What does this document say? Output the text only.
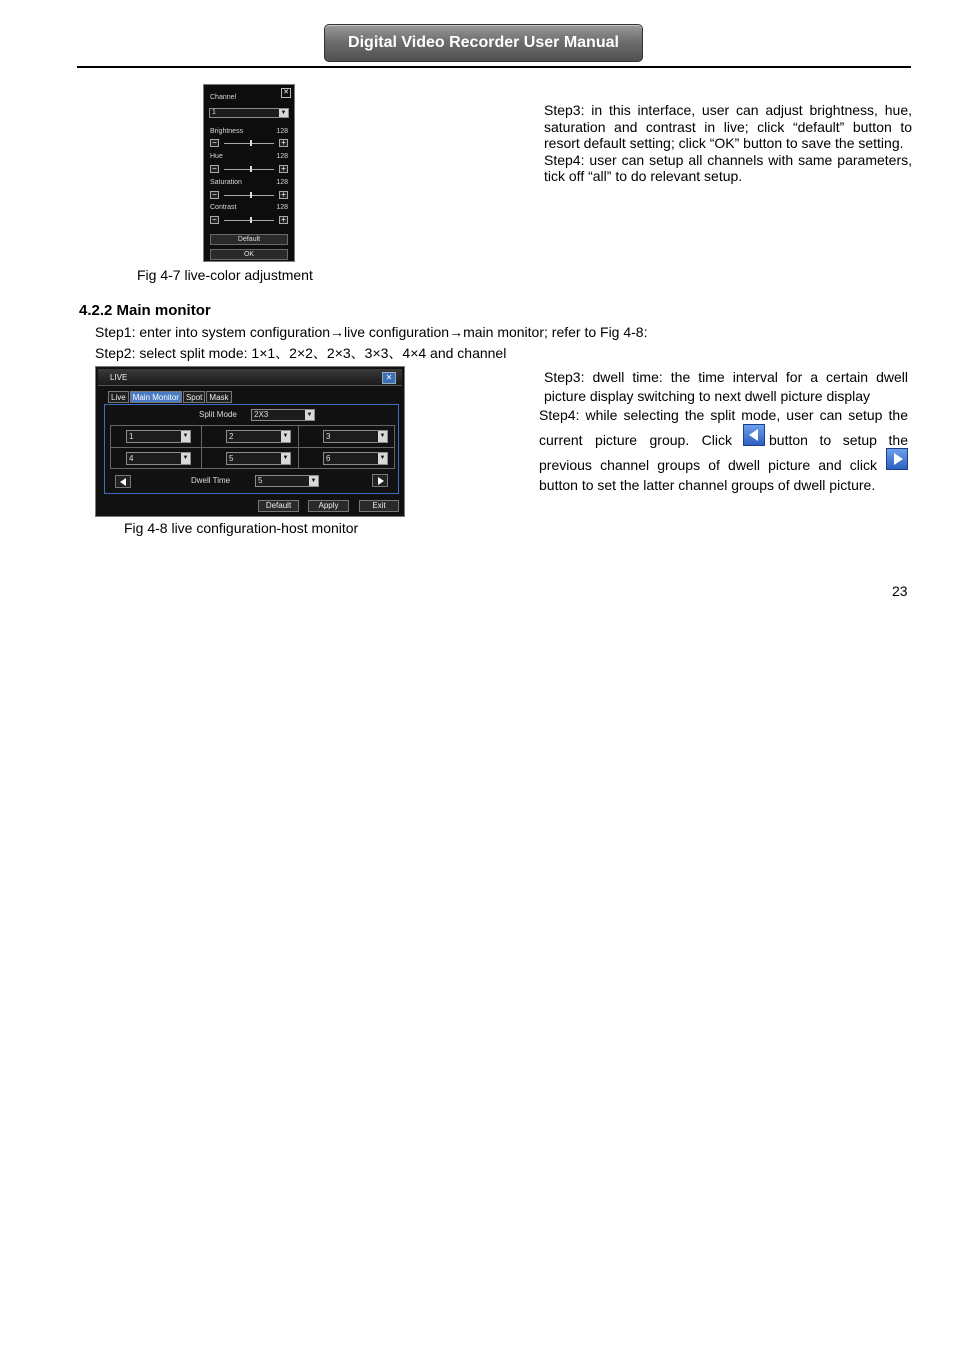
Digital Video Recorder User Manual
Channel
✕
1	▼
Brightness	128
−	+
Hue	128
−	+
Saturation	128
−	+
Contrast	128
−	+
Default
OK
Fig 4-7 live-color adjustment
Step3: in this interface, user can adjust brightness, hue, saturation and contrast in live; click “default” button to resort default setting; click “OK” button to save the setting.
Step4: user can setup all channels with same parameters, tick off “all” to do relevant setup.
4.2.2 Main monitor
Step1: enter into system configuration→live configuration→main monitor; refer to Fig 4-8:
Step2: select split mode: 1×1、2×2、2×3、3×3、4×4 and channel
LIVE	✕
Live Main Monitor Spot Mask
Split Mode	2X3	▼
1	▼	2	▼	3	▼
4	▼	5	▼	6	▼
Dwell Time	5	▼
Default	Apply	Exit
Fig 4-8 live configuration-host monitor
Step3: dwell time: the time interval for a certain dwell
picture display switching to next dwell picture display
Step4: while selecting the split mode, user can setup the
current picture group. Click	button to setup the
previous channel groups of dwell picture and click
button to set the latter channel groups of dwell picture.
23
